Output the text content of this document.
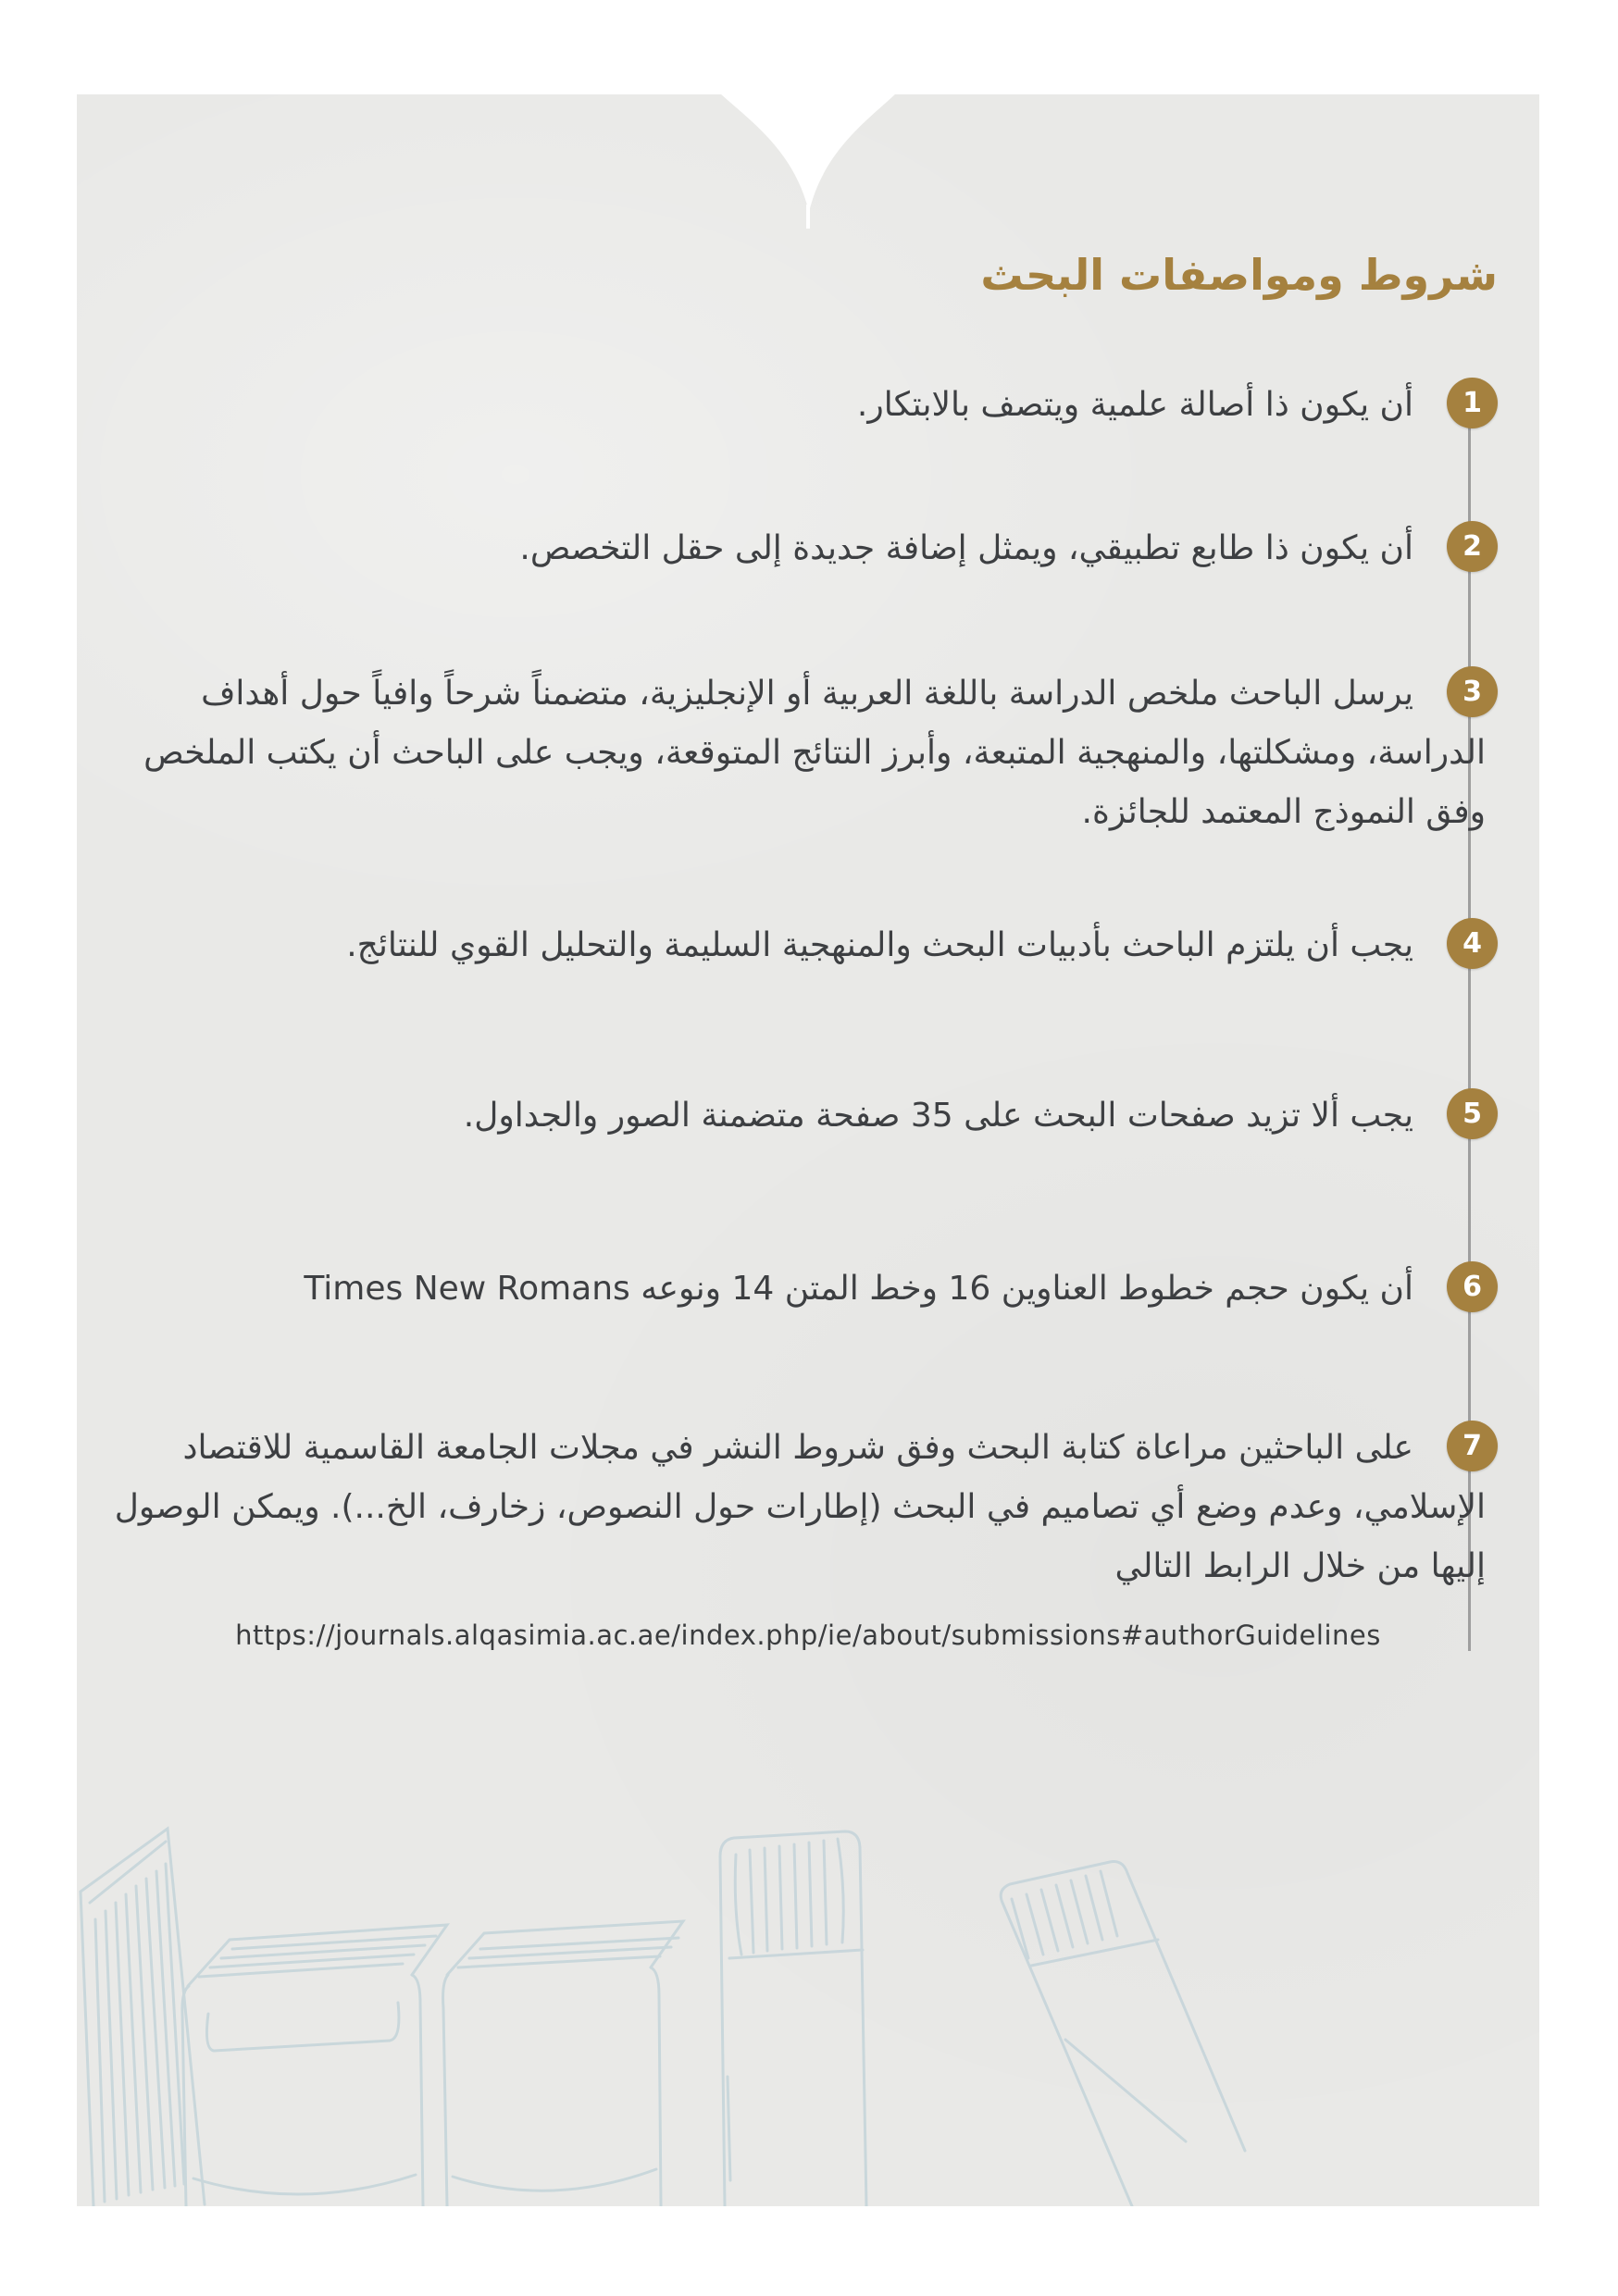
شروط ومواصفات البحث
1
أن يكون ذا أصالة علمية ويتصف بالابتكار.
2
أن يكون ذا طابع تطبيقي، ويمثل إضافة جديدة إلى حقل التخصص.
3
يرسل الباحث ملخص الدراسة باللغة العربية أو الإنجليزية، متضمناً شرحاً وافياً حول أهداف الدراسة، ومشكلتها، والمنهجية المتبعة، وأبرز النتائج المتوقعة، ويجب على الباحث أن يكتب الملخص وفق النموذج المعتمد للجائزة.
4
يجب أن يلتزم الباحث بأدبيات البحث والمنهجية السليمة والتحليل القوي للنتائج.
5
يجب ألا تزيد صفحات البحث على 35 صفحة متضمنة الصور والجداول.
6
أن يكون حجم خطوط العناوين 16 وخط المتن 14 ونوعه Times New Romans
7
على الباحثين مراعاة كتابة البحث وفق شروط النشر في مجلات الجامعة القاسمية للاقتصاد الإسلامي، وعدم وضع أي تصاميم في البحث (إطارات حول النصوص، زخارف، الخ...). ويمكن الوصول إليها من خلال الرابط التالي
https://journals.alqasimia.ac.ae/index.php/ie/about/submissions#authorGuidelines
